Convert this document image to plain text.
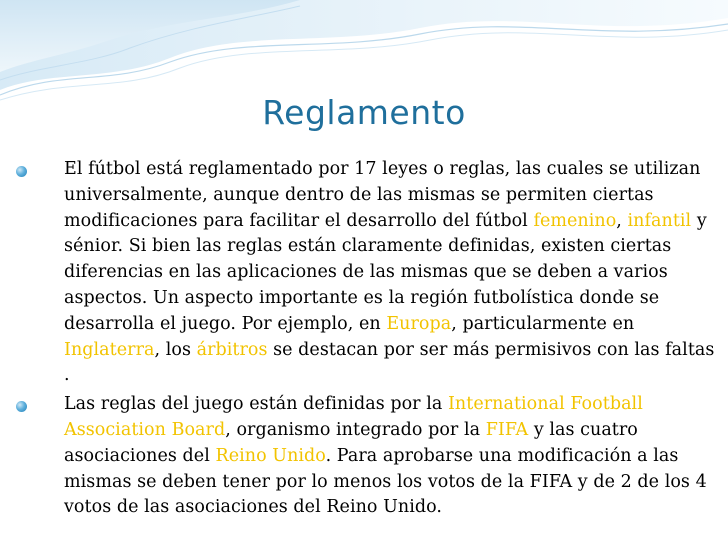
Reglamento
El fútbol está reglamentado por 17 leyes o reglas, las cuales se utilizan universalmente, aunque dentro de las mismas se permiten ciertas modificaciones para facilitar el desarrollo del fútbol femenino, infantil y sénior. Si bien las reglas están claramente definidas, existen ciertas diferencias en las aplicaciones de las mismas que se deben a varios aspectos. Un aspecto importante es la región futbolística donde se desarrolla el juego. Por ejemplo, en Europa, particularmente en Inglaterra, los árbitros se destacan por ser más permisivos con las faltas .
Las reglas del juego están definidas por la International Football Association Board, organismo integrado por la FIFA y las cuatro asociaciones del Reino Unido. Para aprobarse una modificación a las mismas se deben tener por lo menos los votos de la FIFA y de 2 de los 4 votos de las asociaciones del Reino Unido.
